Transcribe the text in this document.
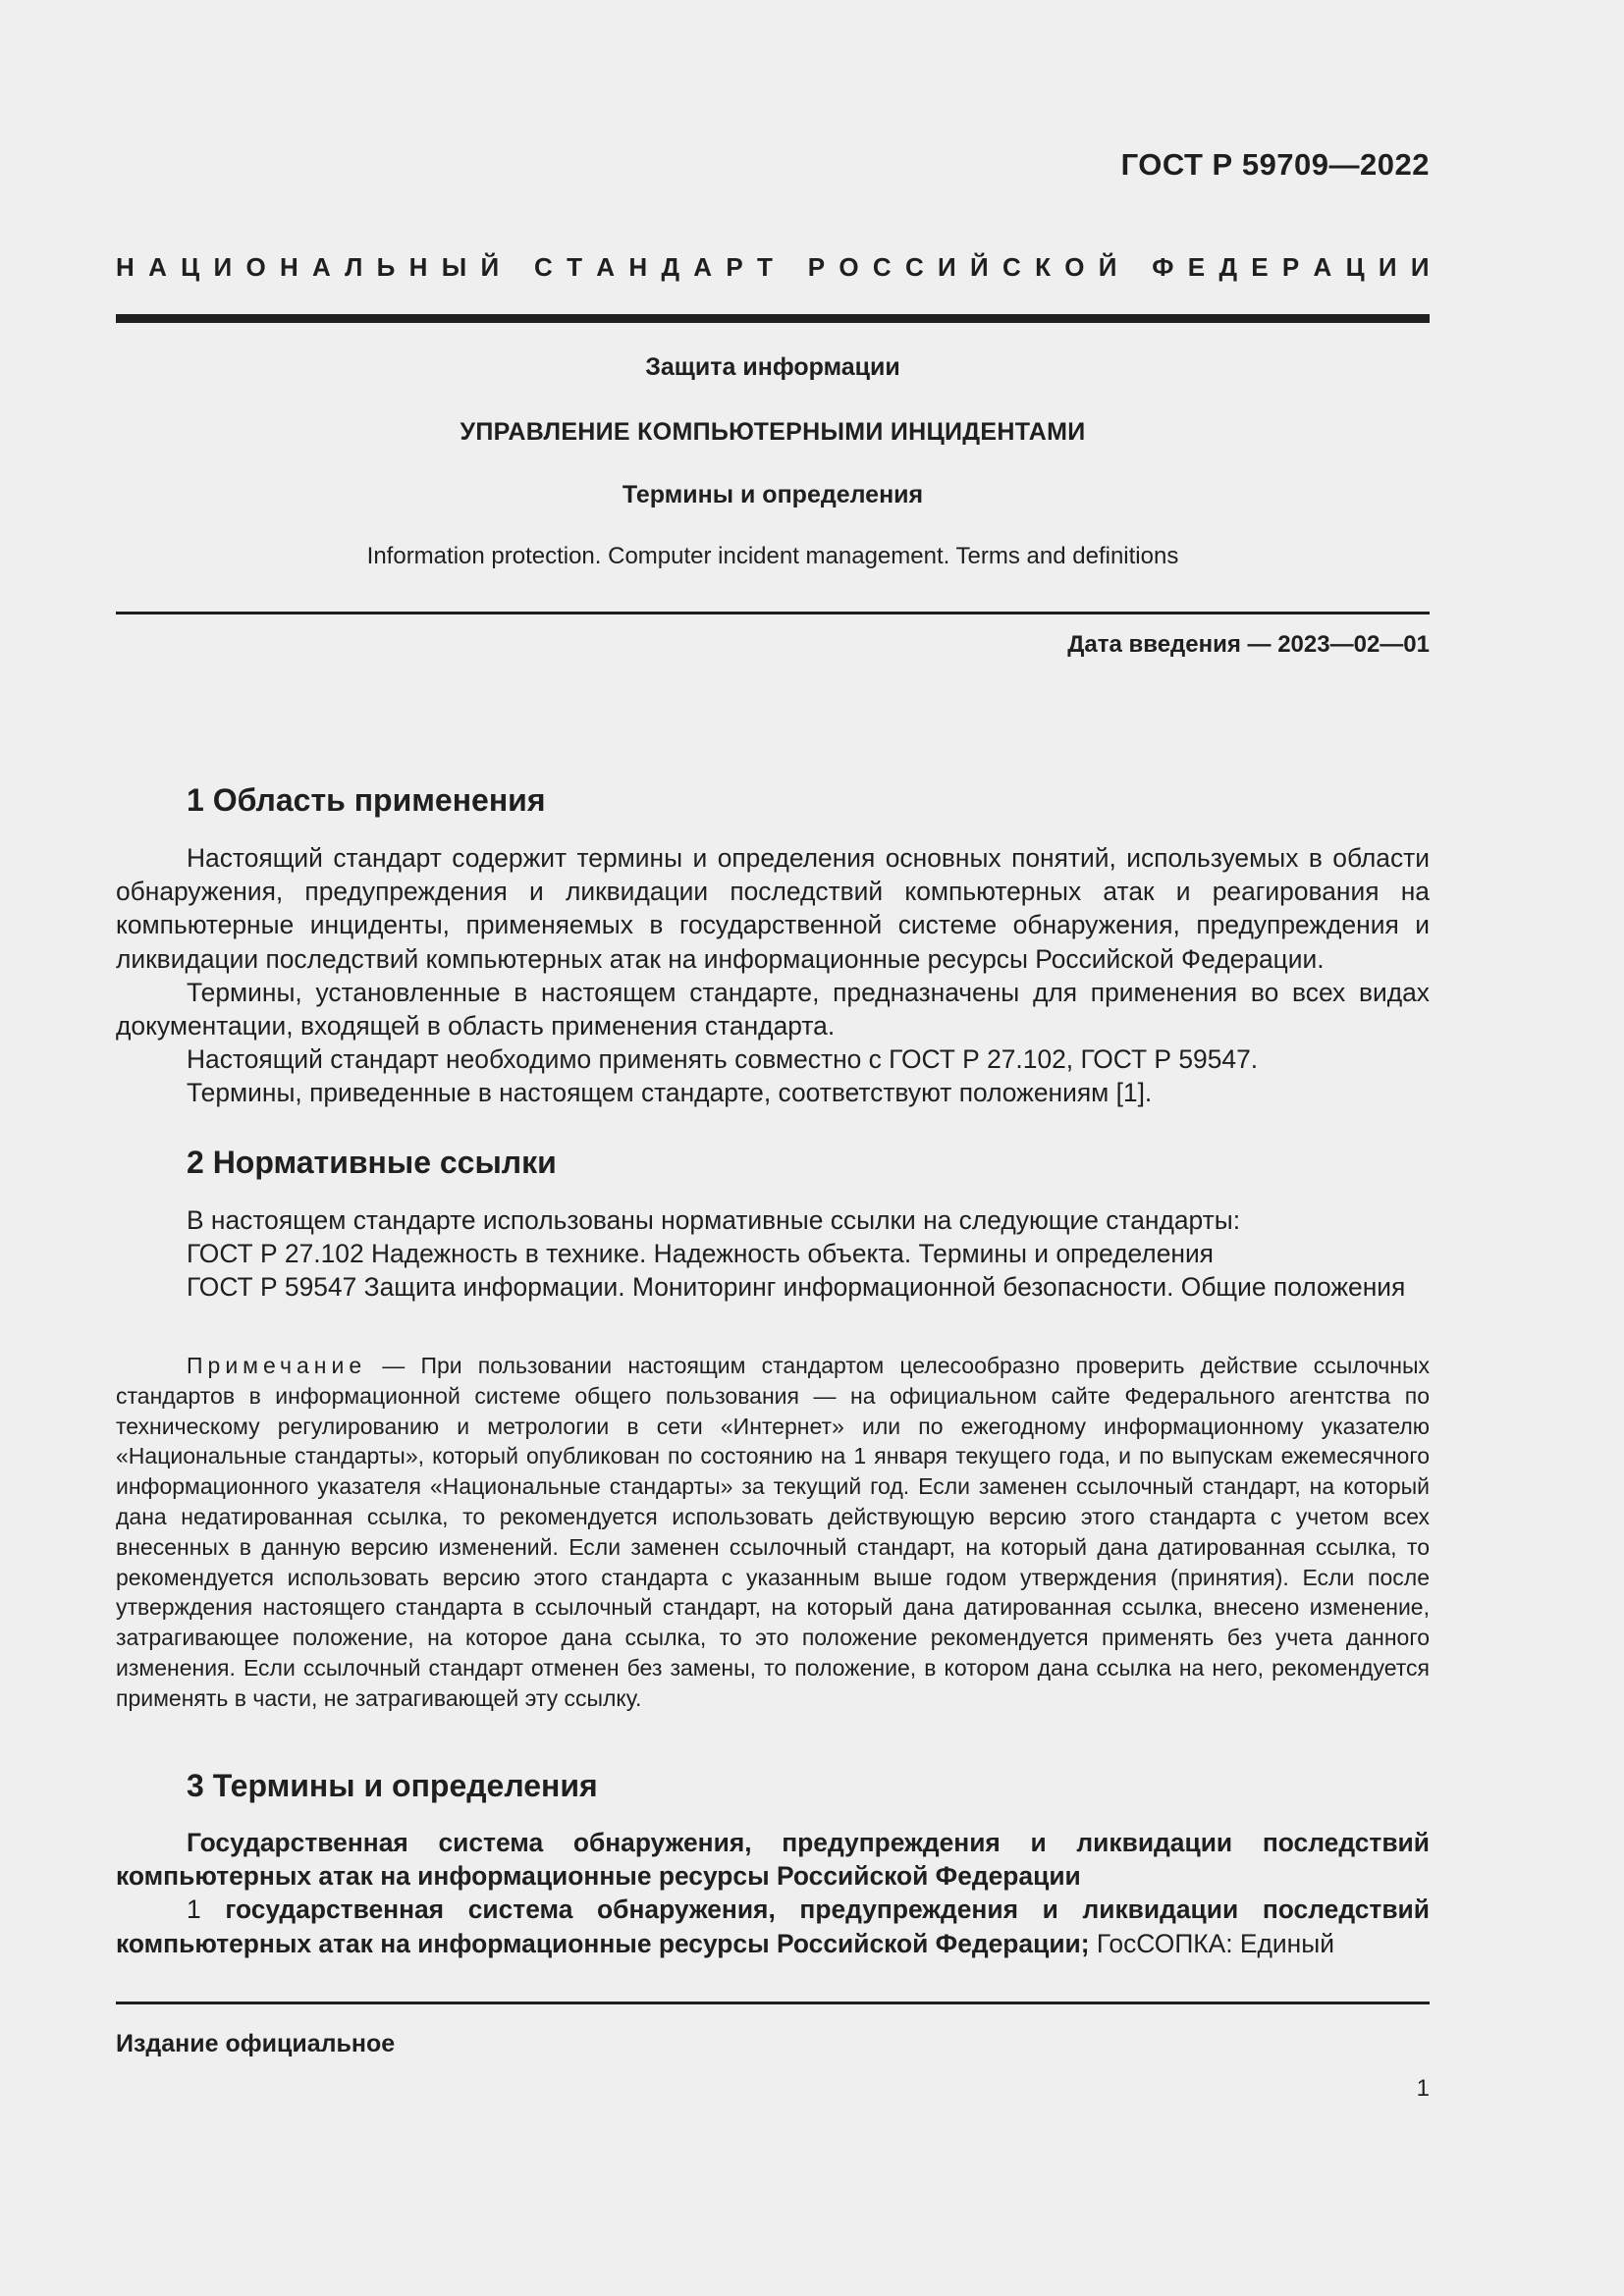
ГОСТ Р 59709—2022
Н А Ц И О Н А Л Ь Н Ы Й
С Т А Н Д А Р Т
Р О С С И Й С К О Й
Ф Е Д Е Р А Ц И И
Защита информации
УПРАВЛЕНИЕ КОМПЬЮТЕРНЫМИ ИНЦИДЕНТАМИ
Термины и определения
Information protection. Computer incident management. Terms and definitions
Дата введения — 2023—02—01
1 Область применения

Настоящий стандарт содержит термины и определения основных понятий, используемых в области обнаружения, предупреждения и ликвидации последствий компьютерных атак и реагирования на компьютерные инциденты, применяемых в государственной системе обнаружения, предупреждения и ликвидации последствий компьютерных атак на информационные ресурсы Российской Федерации.

Термины, установленные в настоящем стандарте, предназначены для применения во всех видах документации, входящей в область применения стандарта.

Настоящий стандарт необходимо применять совместно с ГОСТ Р 27.102, ГОСТ Р 59547.

Термины, приведенные в настоящем стандарте, соответствуют положениям [1].

2 Нормативные ссылки

В настоящем стандарте использованы нормативные ссылки на следующие стандарты:

ГОСТ Р 27.102 Надежность в технике. Надежность объекта. Термины и определения

ГОСТ Р 59547 Защита информации. Мониторинг информационной безопасности. Общие положения

Примечание — При пользовании настоящим стандартом целесообразно проверить действие ссылочных стандартов в информационной системе общего пользования — на официальном сайте Федерального агентства по техническому регулированию и метрологии в сети «Интернет» или по ежегодному информационному указателю «Национальные стандарты», который опубликован по состоянию на 1 января текущего года, и по выпускам ежемесячного информационного указателя «Национальные стандарты» за текущий год. Если заменен ссылочный стандарт, на который дана недатированная ссылка, то рекомендуется использовать действующую версию этого стандарта с учетом всех внесенных в данную версию изменений. Если заменен ссылочный стандарт, на который дана датированная ссылка, то рекомендуется использовать версию этого стандарта с указанным выше годом утверждения (принятия). Если после утверждения настоящего стандарта в ссылочный стандарт, на который дана датированная ссылка, внесено изменение, затрагивающее положение, на которое дана ссылка, то это положение рекомендуется применять без учета данного изменения. Если ссылочный стандарт отменен без замены, то положение, в котором дана ссылка на него, рекомендуется применять в части, не затрагивающей эту ссылку.
3 Термины и определения

Государственная система обнаружения, предупреждения и ликвидации последствий компьютерных атак на информационные ресурсы Российской Федерации

1 государственная система обнаружения, предупреждения и ликвидации последствий компьютерных атак на информационные ресурсы Российской Федерации; ГосСОПКА: Единый

Издание официальное
1
